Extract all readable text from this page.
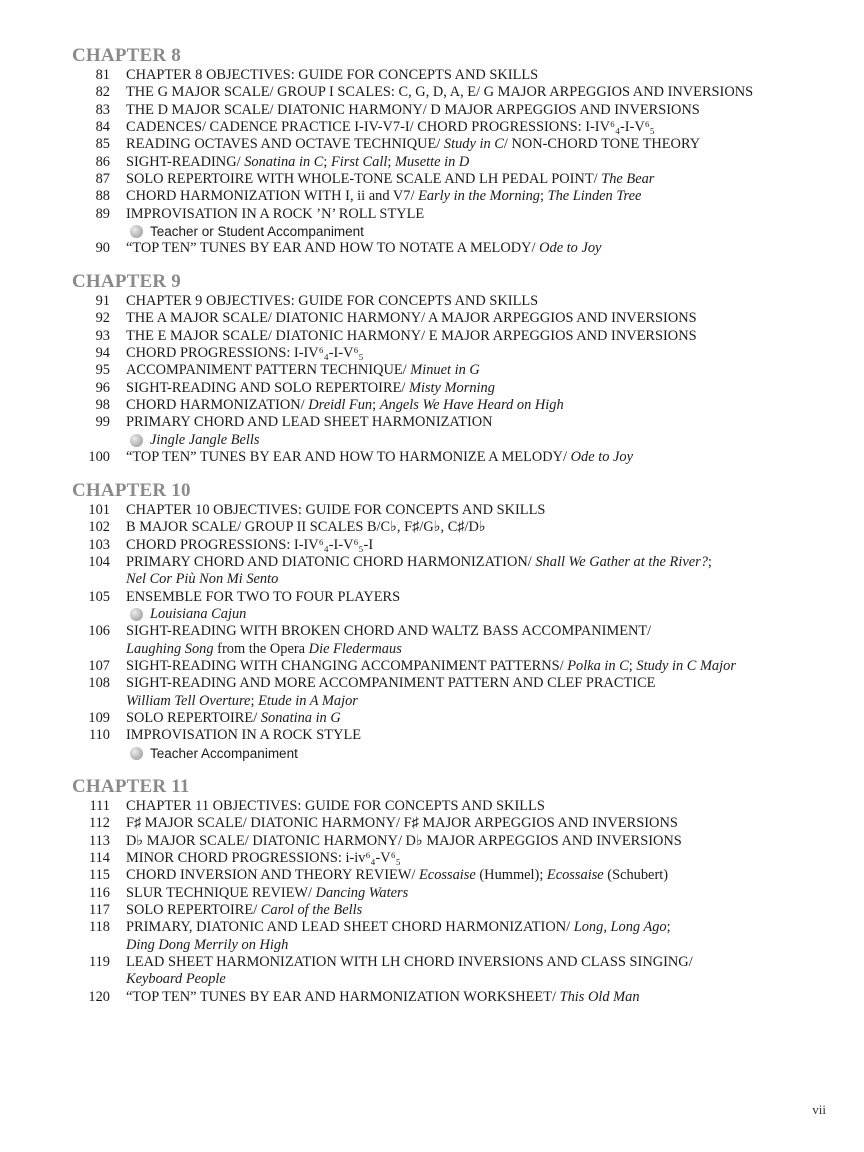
CHAPTER 8
81 CHAPTER 8 OBJECTIVES: GUIDE FOR CONCEPTS AND SKILLS
82 THE G MAJOR SCALE/ GROUP I SCALES: C, G, D, A, E/ G MAJOR ARPEGGIOS AND INVERSIONS
83 THE D MAJOR SCALE/ DIATONIC HARMONY/ D MAJOR ARPEGGIOS AND INVERSIONS
84 CADENCES/ CADENCE PRACTICE I-IV-V7-I/ CHORD PROGRESSIONS: I-IV⁶₄-I-V⁶₅
85 READING OCTAVES AND OCTAVE TECHNIQUE/ Study in C/ NON-CHORD TONE THEORY
86 SIGHT-READING/ Sonatina in C; First Call; Musette in D
87 SOLO REPERTOIRE WITH WHOLE-TONE SCALE AND LH PEDAL POINT/ The Bear
88 CHORD HARMONIZATION WITH I, ii and V7/ Early in the Morning; The Linden Tree
89 IMPROVISATION IN A ROCK ’N’ ROLL STYLE
Teacher or Student Accompaniment
90 “TOP TEN” TUNES BY EAR AND HOW TO NOTATE A MELODY/ Ode to Joy
CHAPTER 9
91 CHAPTER 9 OBJECTIVES: GUIDE FOR CONCEPTS AND SKILLS
92 THE A MAJOR SCALE/ DIATONIC HARMONY/ A MAJOR ARPEGGIOS AND INVERSIONS
93 THE E MAJOR SCALE/ DIATONIC HARMONY/ E MAJOR ARPEGGIOS AND INVERSIONS
94 CHORD PROGRESSIONS: I-IV⁶₄-I-V⁶₅
95 ACCOMPANIMENT PATTERN TECHNIQUE/ Minuet in G
96 SIGHT-READING AND SOLO REPERTOIRE/ Misty Morning
98 CHORD HARMONIZATION/ Dreidl Fun; Angels We Have Heard on High
99 PRIMARY CHORD AND LEAD SHEET HARMONIZATION
Jingle Jangle Bells
100 “TOP TEN” TUNES BY EAR AND HOW TO HARMONIZE A MELODY/ Ode to Joy
CHAPTER 10
101 CHAPTER 10 OBJECTIVES: GUIDE FOR CONCEPTS AND SKILLS
102 B MAJOR SCALE/ GROUP II SCALES B/C♭, F♯/G♭, C♯/D♭
103 CHORD PROGRESSIONS: I-IV⁶₄-I-V⁶₅-I
104 PRIMARY CHORD AND DIATONIC CHORD HARMONIZATION/ Shall We Gather at the River?;
Nel Cor Più Non Mi Sento
105 ENSEMBLE FOR TWO TO FOUR PLAYERS
Louisiana Cajun
106 SIGHT-READING WITH BROKEN CHORD AND WALTZ BASS ACCOMPANIMENT/
Laughing Song from the Opera Die Fledermaus
107 SIGHT-READING WITH CHANGING ACCOMPANIMENT PATTERNS/ Polka in C; Study in C Major
108 SIGHT-READING AND MORE ACCOMPANIMENT PATTERN AND CLEF PRACTICE
William Tell Overture; Etude in A Major
109 SOLO REPERTOIRE/ Sonatina in G
110 IMPROVISATION IN A ROCK STYLE
Teacher Accompaniment
CHAPTER 11
111 CHAPTER 11 OBJECTIVES: GUIDE FOR CONCEPTS AND SKILLS
112 F♯ MAJOR SCALE/ DIATONIC HARMONY/ F♯ MAJOR ARPEGGIOS AND INVERSIONS
113 D♭ MAJOR SCALE/ DIATONIC HARMONY/ D♭ MAJOR ARPEGGIOS AND INVERSIONS
114 MINOR CHORD PROGRESSIONS: i-iv⁶₄-V⁶₅
115 CHORD INVERSION AND THEORY REVIEW/ Ecossaise (Hummel); Ecossaise (Schubert)
116 SLUR TECHNIQUE REVIEW/ Dancing Waters
117 SOLO REPERTOIRE/ Carol of the Bells
118 PRIMARY, DIATONIC AND LEAD SHEET CHORD HARMONIZATION/ Long, Long Ago;
Ding Dong Merrily on High
119 LEAD SHEET HARMONIZATION WITH LH CHORD INVERSIONS AND CLASS SINGING/
Keyboard People
120 “TOP TEN” TUNES BY EAR AND HARMONIZATION WORKSHEET/ This Old Man
vii
